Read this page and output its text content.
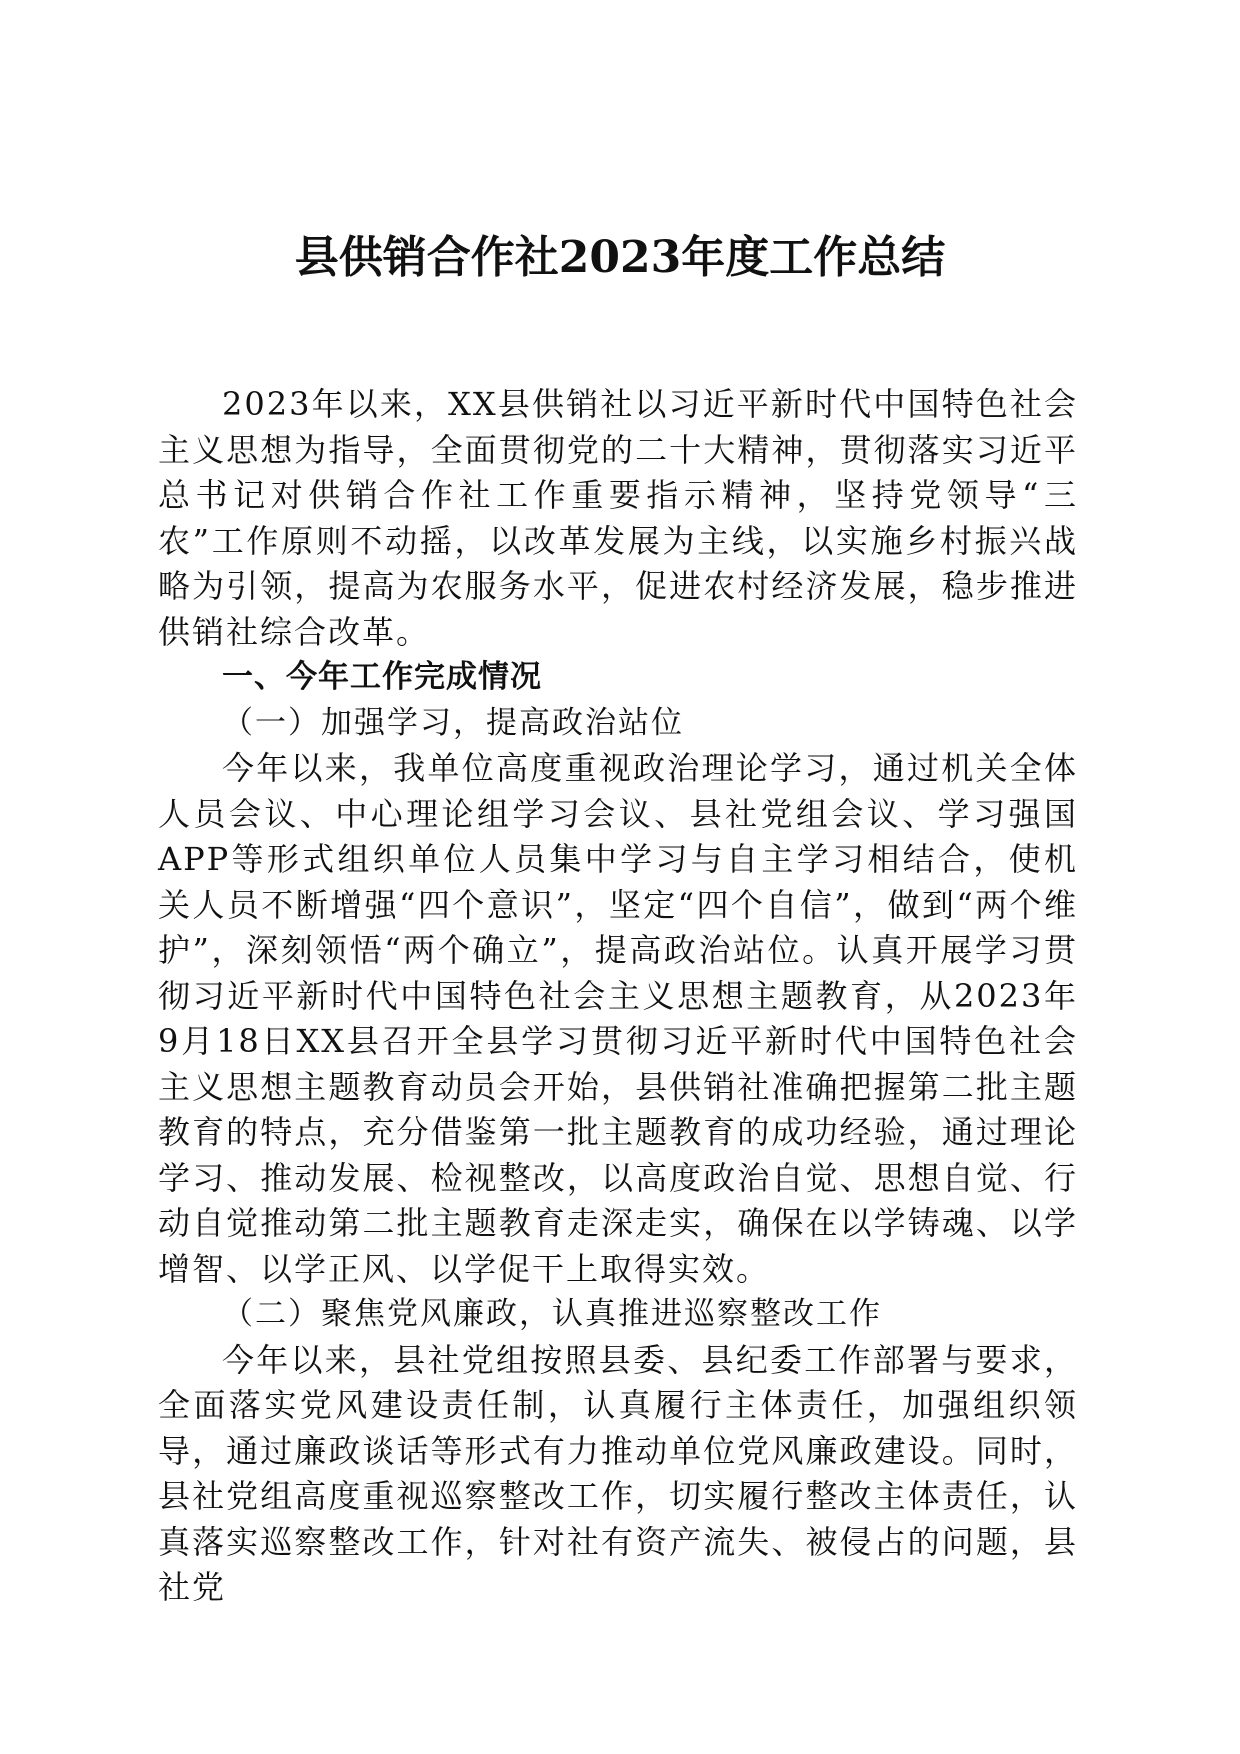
县供销合作社2023年度工作总结

2023年以来，XX县供销社以习近平新时代中国特色社会主义思想为指导，全面贯彻党的二十大精神，贯彻落实习近平总书记对供销合作社工作重要指示精神，坚持党领导“三农”工作原则不动摇，以改革发展为主线，以实施乡村振兴战略为引领，提高为农服务水平，促进农村经济发展，稳步推进供销社综合改革。

一、今年工作完成情况
（一）加强学习，提高政治站位

今年以来，我单位高度重视政治理论学习，通过机关全体人员会议、中心理论组学习会议、县社党组会议、学习强国APP等形式组织单位人员集中学习与自主学习相结合，使机关人员不断增强“四个意识”，坚定“四个自信”，做到“两个维护”，深刻领悟“两个确立”，提高政治站位。认真开展学习贯彻习近平新时代中国特色社会主义思想主题教育，从2023年9月18日XX县召开全县学习贯彻习近平新时代中国特色社会主义思想主题教育动员会开始，县供销社准确把握第二批主题教育的特点，充分借鉴第一批主题教育的成功经验，通过理论学习、推动发展、检视整改，以高度政治自觉、思想自觉、行动自觉推动第二批主题教育走深走实，确保在以学铸魂、以学增智、以学正风、以学促干上取得实效。

（二）聚焦党风廉政，认真推进巡察整改工作

今年以来，县社党组按照县委、县纪委工作部署与要求，全面落实党风建设责任制，认真履行主体责任，加强组织领导，通过廉政谈话等形式有力推动单位党风廉政建设。同时，县社党组高度重视巡察整改工作，切实履行整改主体责任，认真落实巡察整改工作，针对社有资产流失、被侵占的问题，县社党
